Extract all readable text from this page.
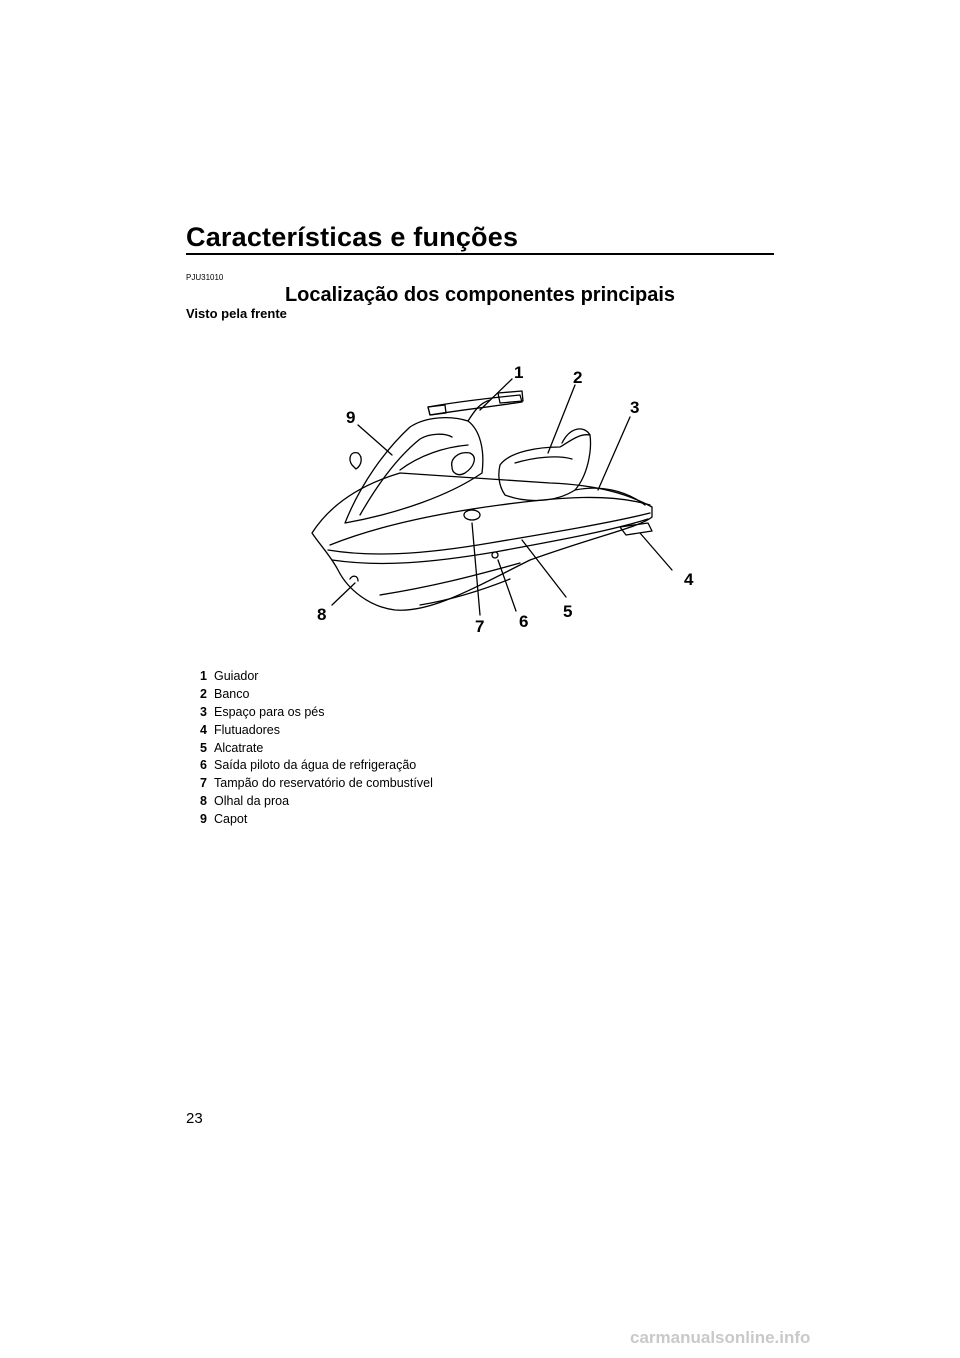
Características e funções
PJU31010
Localização dos componentes principais
Visto pela frente
1	2
3
4
5
6
7
8
9
1 Guiador
2 Banco
3 Espaço para os pés
4 Flutuadores
5 Alcatrate
6 Saída piloto da água de refrigeração
7 Tampão do reservatório de combustível
8 Olhal da proa
9 Capot
23
carmanualsonline.info
